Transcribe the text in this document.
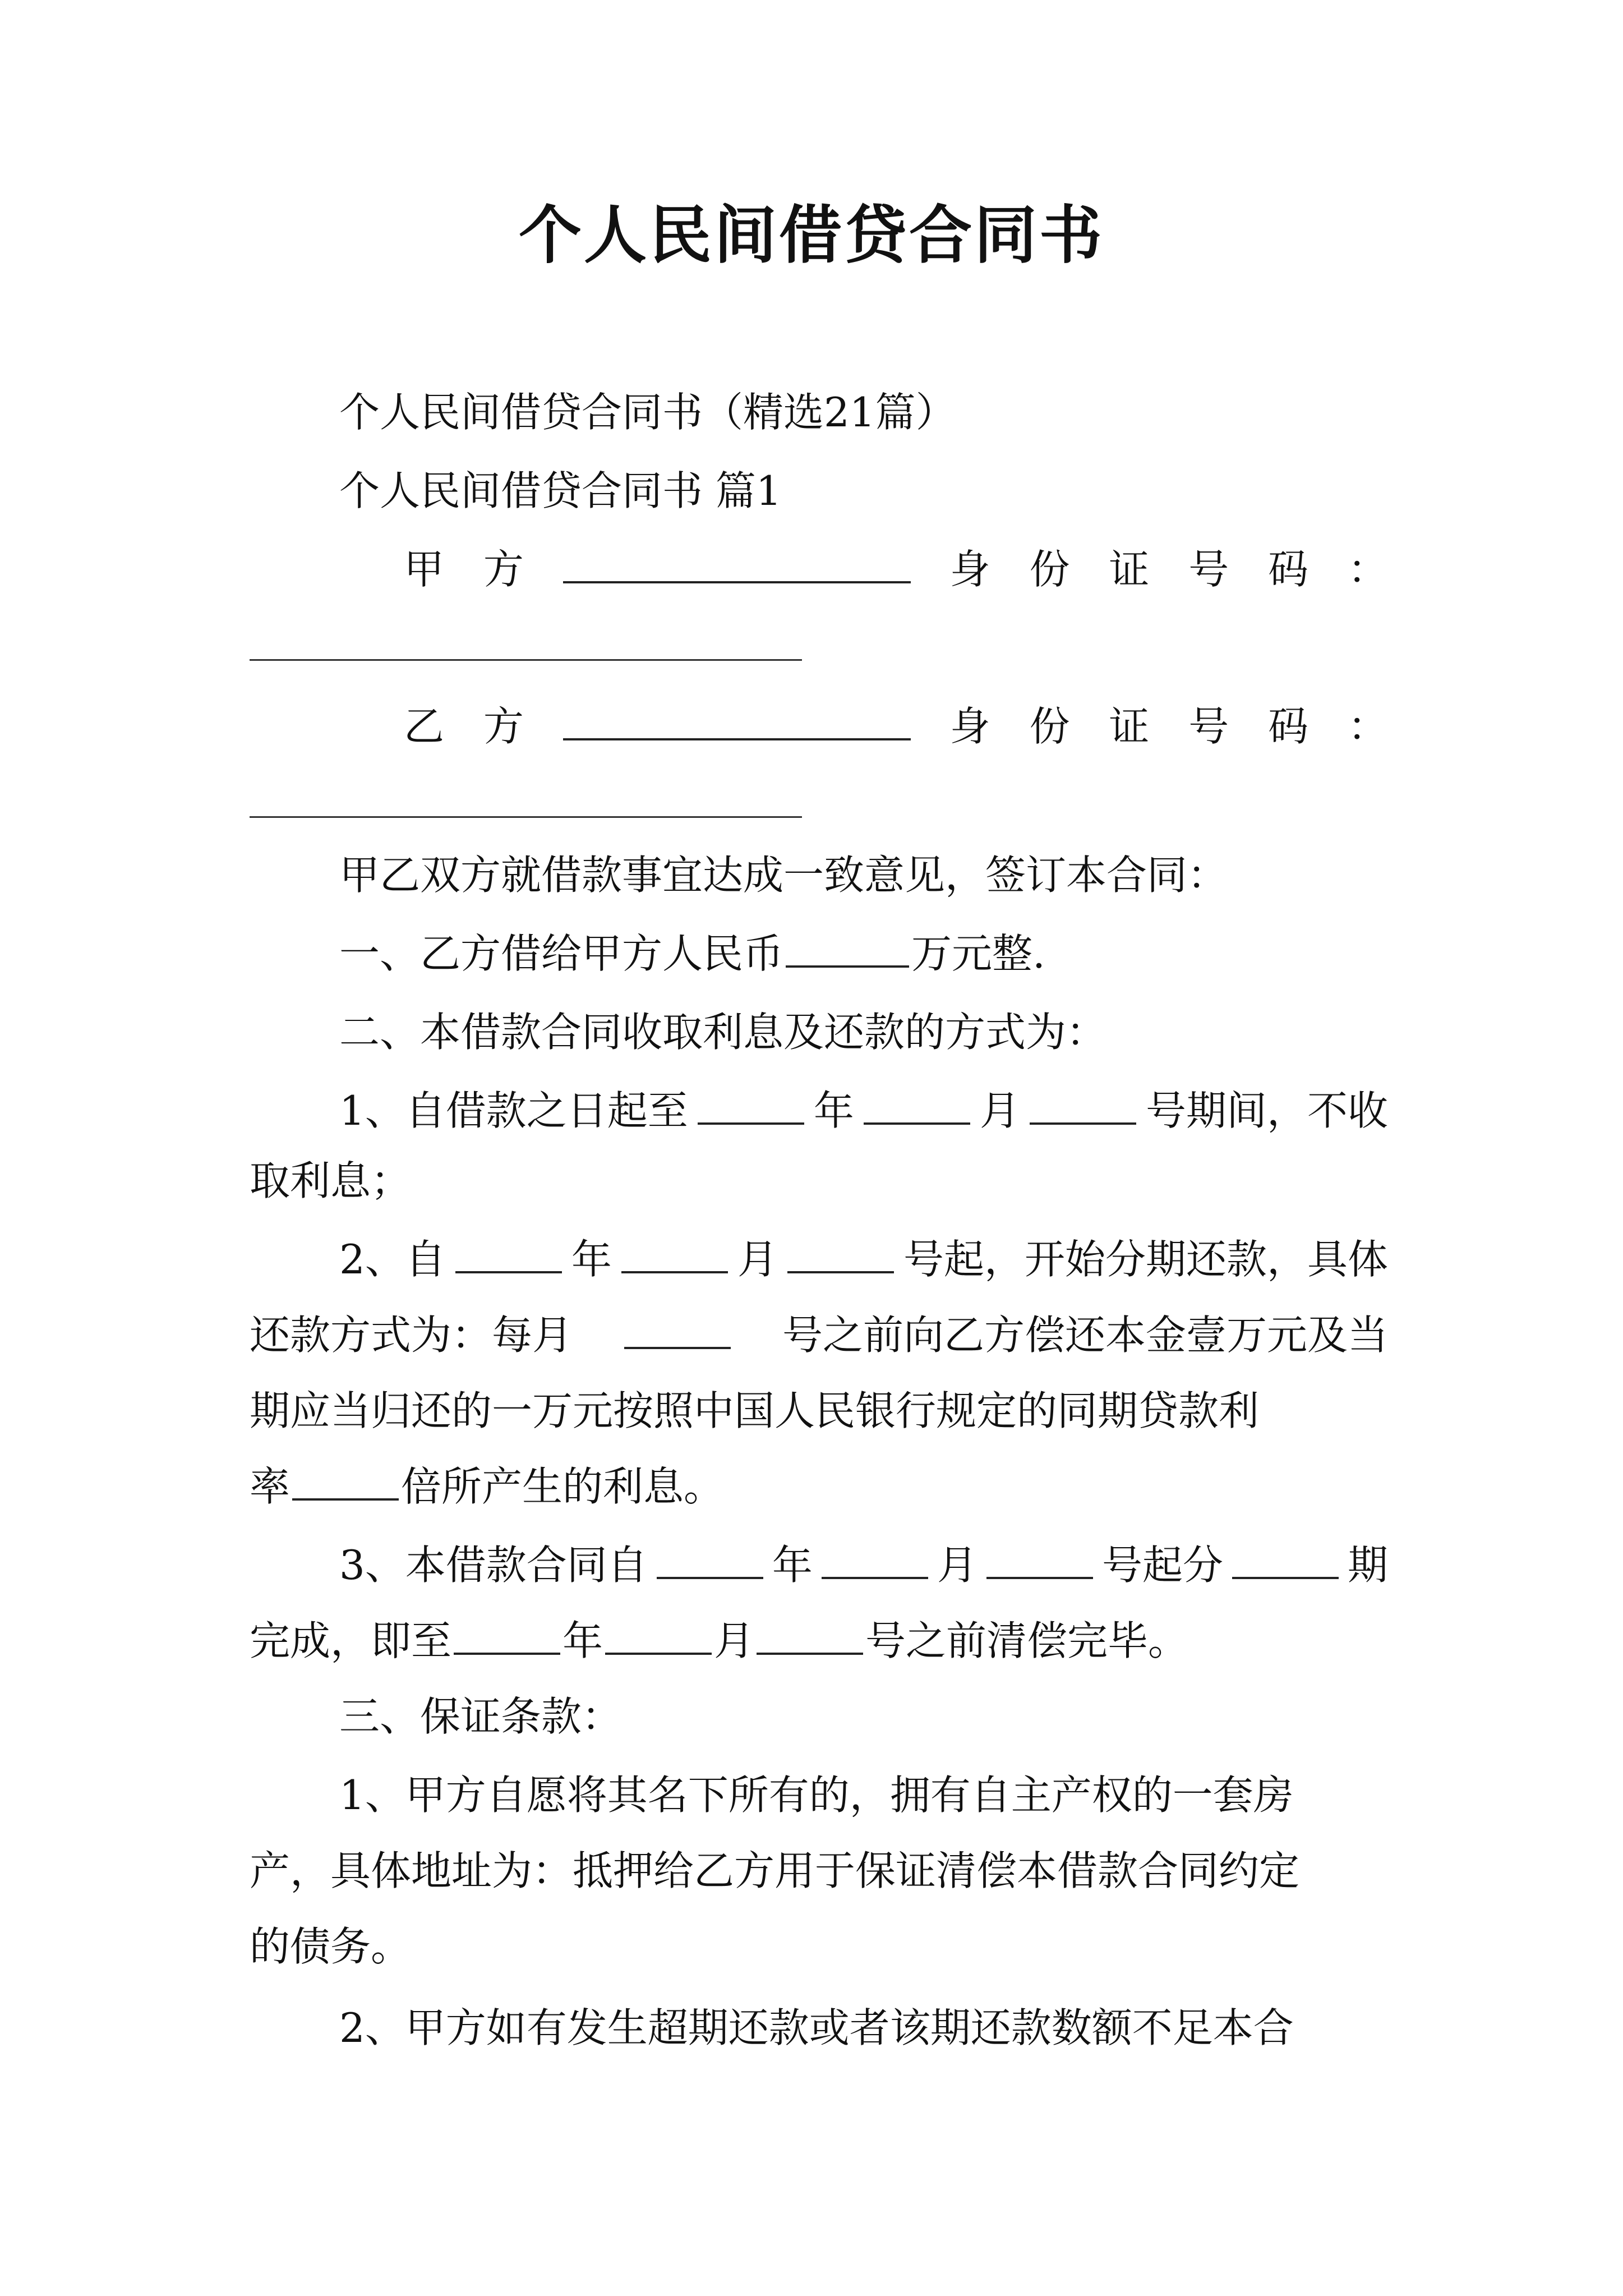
个人民间借贷合同书
个人民间借贷合同书（精选21篇）
个人民间借贷合同书 篇1
甲 方	身 份 证 号 码 ：
乙 方	身 份 证 号 码 ：
甲乙双方就借款事宜达成一致意见，签订本合同：
一、乙方借给甲方人民币	万元整.
二、本借款合同收取利息及还款的方式为：
1、自借款之日起至	年	月	号期间，不收
取利息；
2、自	年	月	号起，开始分期还款，具体
还款方式为：每月	号之前向乙方偿还本金壹万元及当
期应当归还的一万元按照中国人民银行规定的同期贷款利
率	倍所产生的利息。
3、本借款合同自	年	月	号起分	期
完成，即至	年	月	号之前清偿完毕。
三、保证条款：
1、甲方自愿将其名下所有的，拥有自主产权的一套房
产，具体地址为：抵押给乙方用于保证清偿本借款合同约定
的债务。
2、甲方如有发生超期还款或者该期还款数额不足本合
